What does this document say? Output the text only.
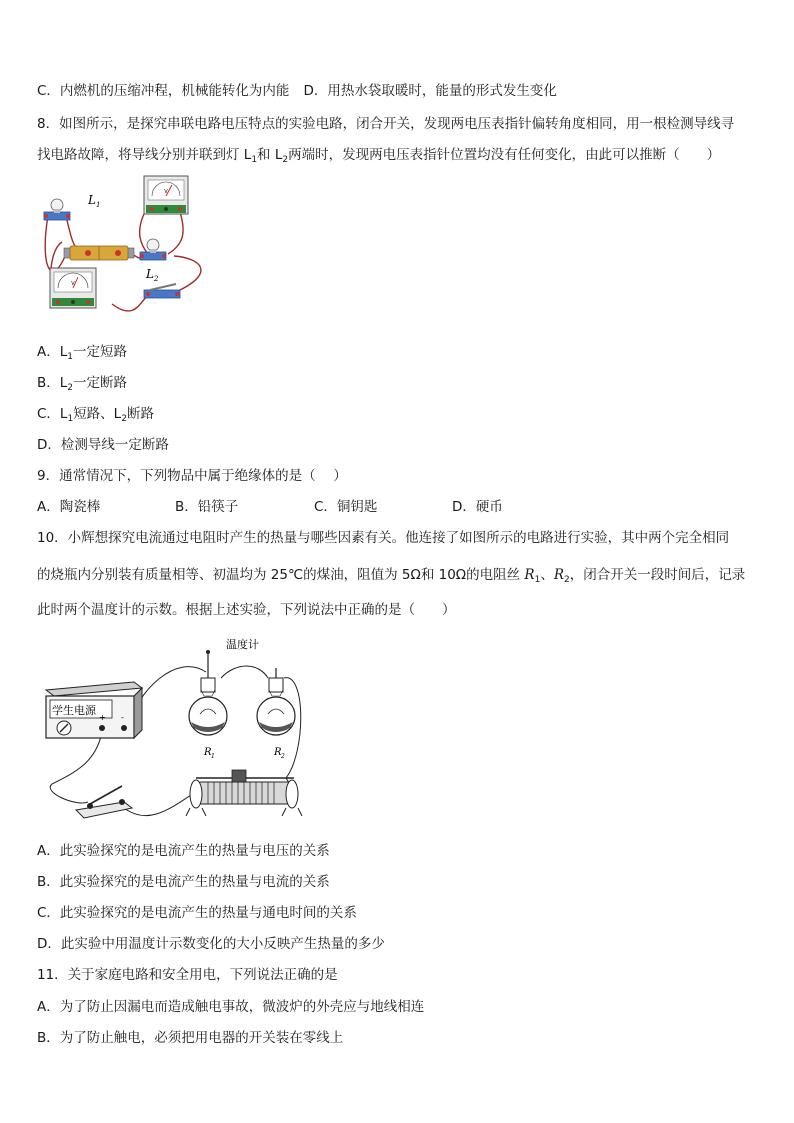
C．内燃机的压缩冲程，机械能转化为内能 D．用热水袋取暖时，能量的形式发生变化
8．如图所示，是探究串联电路电压特点的实验电路，闭合开关，发现两电压表指针偏转角度相同，用一根检测导线寻
找电路故障，将导线分别并联到灯 $L_1$和 $L_2$两端时，发现两电压表指针位置均没有任何变化，由此可以推断（　　）
L 1
V
L 2
V
A．$L_1$一定短路
B．$L_2$一定断路
C．$L_1$短路、$L_2$断路
D．检测导线一定断路
9．通常情况下，下列物品中属于绝缘体的是（　 ）
A．陶瓷棒	B．铅筷子	C．铜钥匙	D．硬币
10．小辉想探究电流通过电阻时产生的热量与哪些因素有关。他连接了如图所示的电路进行实验，其中两个完全相同
的烧瓶内分别装有质量相等、初温均为 25℃的煤油，阻值为 5Ω和 10Ω的电阻丝 $R_1$、$R_2$，闭合开关一段时间后，记录
此时两个温度计的示数。根据上述实验，下列说法中正确的是（　　）
温度计
学生电源
+ -
R 1	R 2
A．此实验探究的是电流产生的热量与电压的关系
B．此实验探究的是电流产生的热量与电流的关系
C．此实验探究的是电流产生的热量与通电时间的关系
D．此实验中用温度计示数变化的大小反映产生热量的多少
11．关于家庭电路和安全用电，下列说法正确的是
A．为了防止因漏电而造成触电事故，微波炉的外壳应与地线相连
B．为了防止触电，必须把用电器的开关装在零线上
